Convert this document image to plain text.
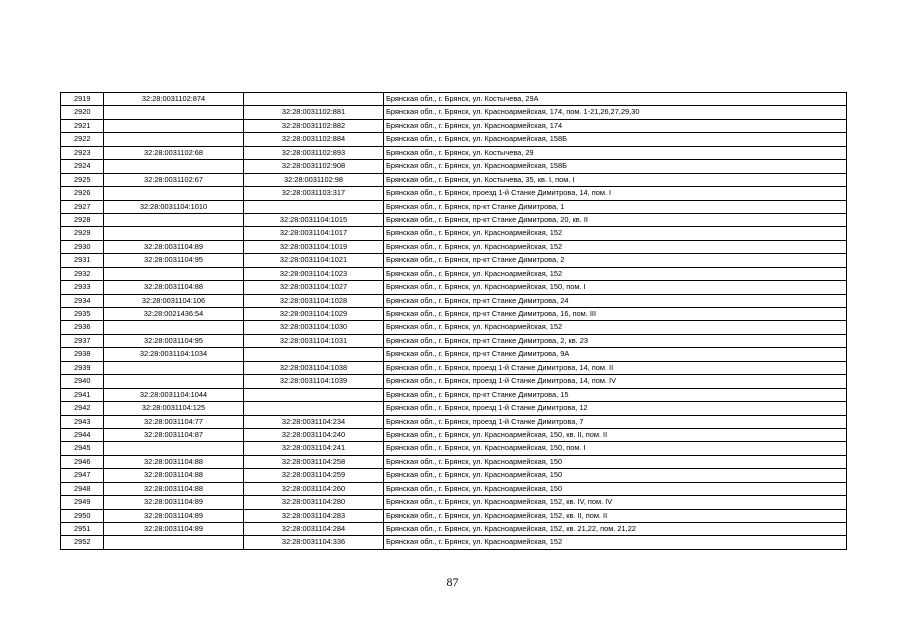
2919	32:28:0031102:874		Брянская обл., г. Брянск, ул. Костычева, 29А
2920		32:28:0031102:881	Брянская обл., г. Брянск, ул. Красноармейская, 174, пом. 1-21,26,27,29,30
2921		32:28:0031102:882	Брянская обл., г. Брянск, ул. Красноармейская, 174
2922		32:28:0031102:884	Брянская обл., г. Брянск, ул. Красноармейская, 158Б
2923	32:28:0031102:68	32:28:0031102:893	Брянская обл., г. Брянск, ул. Костычева, 29
2924		32:28:0031102:908	Брянская обл., г. Брянск, ул. Красноармейская, 158Б
2925	32:28:0031102:67	32:28:0031102:98	Брянская обл., г. Брянск, ул. Костычева, 35, кв. I, пом. I
2926		32:28:0031103:317	Брянская обл., г. Брянск, проезд 1-й Станке Димитрова, 14, пом. I
2927	32:28:0031104:1010		Брянская обл., г. Брянск, пр-кт Станке Димитрова, 1
2928		32:28:0031104:1015	Брянская обл., г. Брянск, пр-кт Станке Димитрова, 20, кв. II
2929		32:28:0031104:1017	Брянская обл., г. Брянск, ул. Красноармейская, 152
2930	32:28:0031104:89	32:28:0031104:1019	Брянская обл., г. Брянск, ул. Красноармейская, 152
2931	32:28:0031104:95	32:28:0031104:1021	Брянская обл., г. Брянск, пр-кт Станке Димитрова, 2
2932		32:28:0031104:1023	Брянская обл., г. Брянск, ул. Красноармейская, 152
2933	32:28:0031104:88	32:28:0031104:1027	Брянская обл., г. Брянск, ул. Красноармейская, 150, пом. I
2934	32:28:0031104:106	32:28:0031104:1028	Брянская обл., г. Брянск, пр-кт Станке Димитрова, 24
2935	32:28:0021436:54	32:28:0031104:1029	Брянская обл., г. Брянск, пр-кт Станке Димитрова, 16, пом. III
2936		32:28:0031104:1030	Брянская обл., г. Брянск, ул. Красноармейская, 152
2937	32:28:0031104:95	32:28:0031104:1031	Брянская обл., г. Брянск, пр-кт Станке Димитрова, 2, кв. 23
2938	32:28:0031104:1034		Брянская обл., г. Брянск, пр-кт Станке Димитрова, 9А
2939		32:28:0031104:1038	Брянская обл., г. Брянск, проезд 1-й Станке Димитрова, 14, пом. II
2940		32:28:0031104:1039	Брянская обл., г. Брянск, проезд 1-й Станке Димитрова, 14, пом. IV
2941	32:28:0031104:1044		Брянская обл., г. Брянск, пр-кт Станке Димитрова, 15
2942	32:28:0031104:125		Брянская обл., г. Брянск, проезд 1-й Станке Димитрова, 12
2943	32:28:0031104:77	32:28:0031104:234	Брянская обл., г. Брянск, проезд 1-й Станке Димитрова, 7
2944	32:28:0031104:87	32:28:0031104:240	Брянская обл., г. Брянск, ул. Красноармейская, 150, кв. II, пом. II
2945		32:28:0031104:241	Брянская обл., г. Брянск, ул. Красноармейская, 150, пом. I
2946	32:28:0031104:88	32:28:0031104:258	Брянская обл., г. Брянск, ул. Красноармейская, 150
2947	32:28:0031104:88	32:28:0031104:259	Брянская обл., г. Брянск, ул. Красноармейская, 150
2948	32:28:0031104:88	32:28:0031104:260	Брянская обл., г. Брянск, ул. Красноармейская, 150
2949	32:28:0031104:89	32:28:0031104:280	Брянская обл., г. Брянск, ул. Красноармейская, 152, кв. IV, пом. IV
2950	32:28:0031104:89	32:28:0031104:283	Брянская обл., г. Брянск, ул. Красноармейская, 152, кв. II, пом. II
2951	32:28:0031104:89	32:28:0031104:284	Брянская обл., г. Брянск, ул. Красноармейская, 152, кв. 21,22, пом. 21,22
2952		32:28:0031104:336	Брянская обл., г. Брянск, ул. Красноармейская, 152
87
